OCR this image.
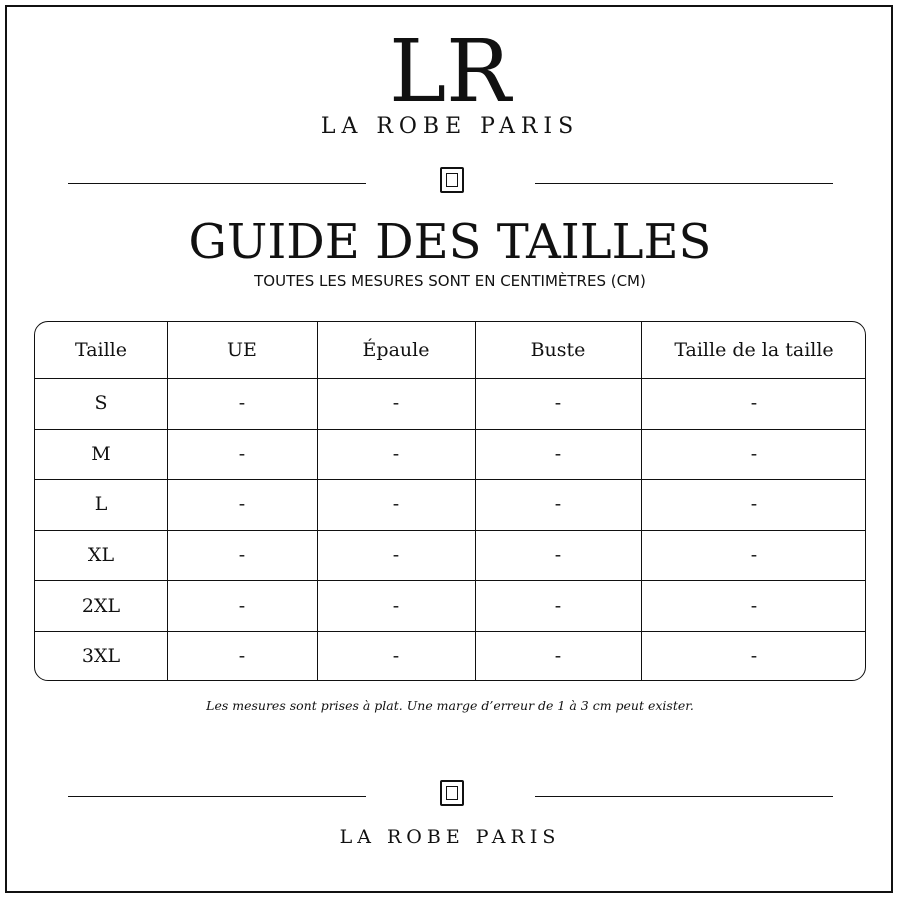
LR
LA ROBE PARIS
GUIDE DES TAILLES
TOUTES LES MESURES SONT EN CENTIMÈTRES (CM)
Taille	UE	Épaule	Buste	Taille de la taille
S	-	-	-	-
M	-	-	-	-
L	-	-	-	-
XL	-	-	-	-
2XL	-	-	-	-
3XL	-	-	-	-
Les mesures sont prises à plat. Une marge d’erreur de 1 à 3 cm peut exister.
LA ROBE PARIS
